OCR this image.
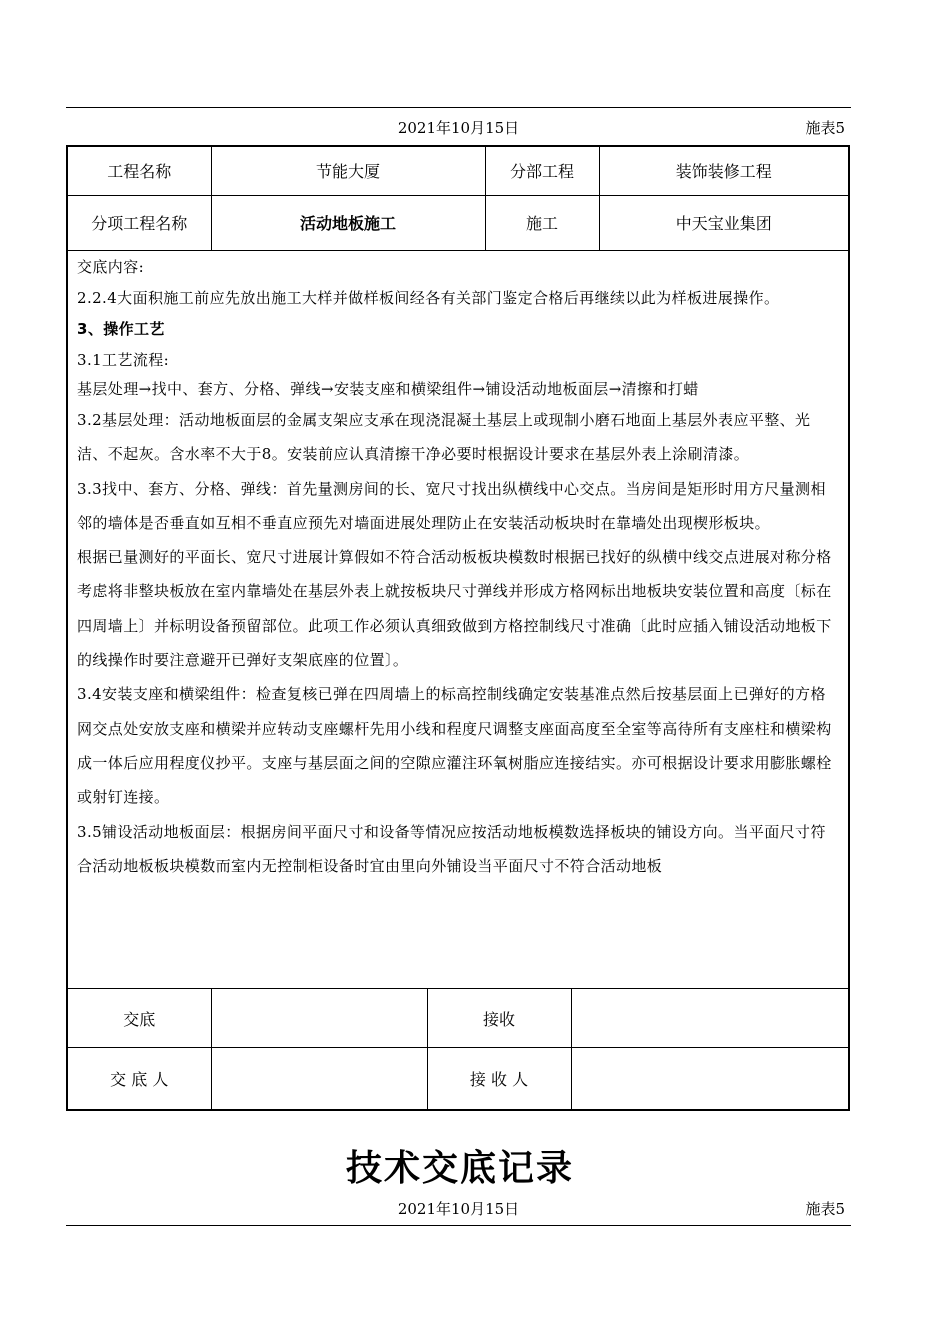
2021年10月15日	施表5
工程名称	节能大厦	分部工程	装饰装修工程
分项工程名称	活动地板施工	施工	中天宝业集团

交底内容:

2.2.4大面积施工前应先放出施工大样并做样板间经各有关部门鉴定合格后再继续以此为样板进展操作。

3、操作工艺

3.1工艺流程:

基层处理→找中、套方、分格、弹线→安装支座和横梁组件→铺设活动地板面层→清擦和打蜡

3.2基层处理：活动地板面层的金属支架应支承在现浇混凝土基层上或现制小磨石地面上基层外表应平整、光洁、不起灰。含水率不大于8。安装前应认真清擦干净必要时根据设计要求在基层外表上涂刷清漆。

3.3找中、套方、分格、弹线：首先量测房间的长、宽尺寸找出纵横线中心交点。当房间是矩形时用方尺量测相邻的墙体是否垂直如互相不垂直应预先对墙面进展处理防止在安装活动板块时在靠墙处出现楔形板块。

根据已量测好的平面长、宽尺寸进展计算假如不符合活动板板块模数时根据已找好的纵横中线交点进展对称分格考虑将非整块板放在室内靠墙处在基层外表上就按板块尺寸弹线并形成方格网标出地板块安装位置和高度〔标在四周墙上〕并标明设备预留部位。此项工作必须认真细致做到方格控制线尺寸准确〔此时应插入铺设活动地板下的线操作时要注意避开已弹好支架底座的位置〕。

3.4安装支座和横梁组件：检查复核已弹在四周墙上的标高控制线确定安装基准点然后按基层面上已弹好的方格网交点处安放支座和横梁并应转动支座螺杆先用小线和程度尺调整支座面高度至全室等高待所有支座柱和横梁构成一体后应用程度仪抄平。支座与基层面之间的空隙应灌注环氧树脂应连接结实。亦可根据设计要求用膨胀螺栓或射钉连接。

3.5铺设活动地板面层：根据房间平面尺寸和设备等情况应按活动地板模数选择板块的铺设方向。当平面尺寸符合活动地板板块模数而室内无控制柜设备时宜由里向外铺设当平面尺寸不符合活动地板

交底		接收	
交 底 人		接 收 人	
技术交底记录
2021年10月15日	施表5
